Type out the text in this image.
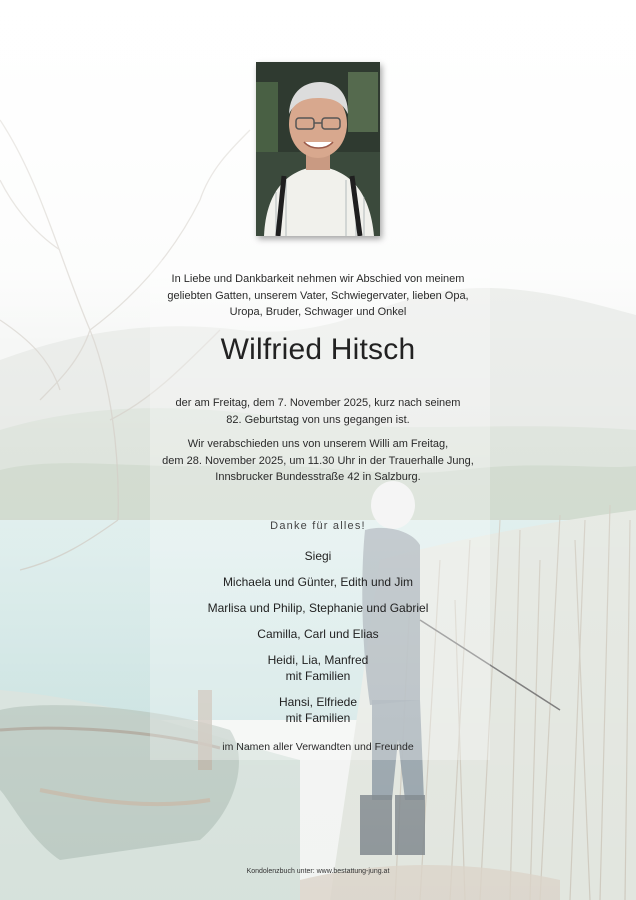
In Liebe und Dankbarkeit nehmen wir Abschied von meinem
geliebten Gatten, unserem Vater, Schwiegervater, lieben Opa,
Uropa, Bruder, Schwager und Onkel
Wilfried Hitsch
der am Freitag, dem 7. November 2025, kurz nach seinem
82. Geburtstag von uns gegangen ist.
Wir verabschieden uns von unserem Willi am Freitag,
dem 28. November 2025, um 11.30 Uhr in der Trauerhalle Jung,
Innsbrucker Bundesstraße 42 in Salzburg.
Danke für alles!
Siegi
Michaela und Günter, Edith und Jim
Marlisa und Philip, Stephanie und Gabriel
Camilla, Carl und Elias
Heidi, Lia, Manfred
mit Familien
Hansi, Elfriede
mit Familien
im Namen aller Verwandten und Freunde
Kondolenzbuch unter: www.bestattung-jung.at
